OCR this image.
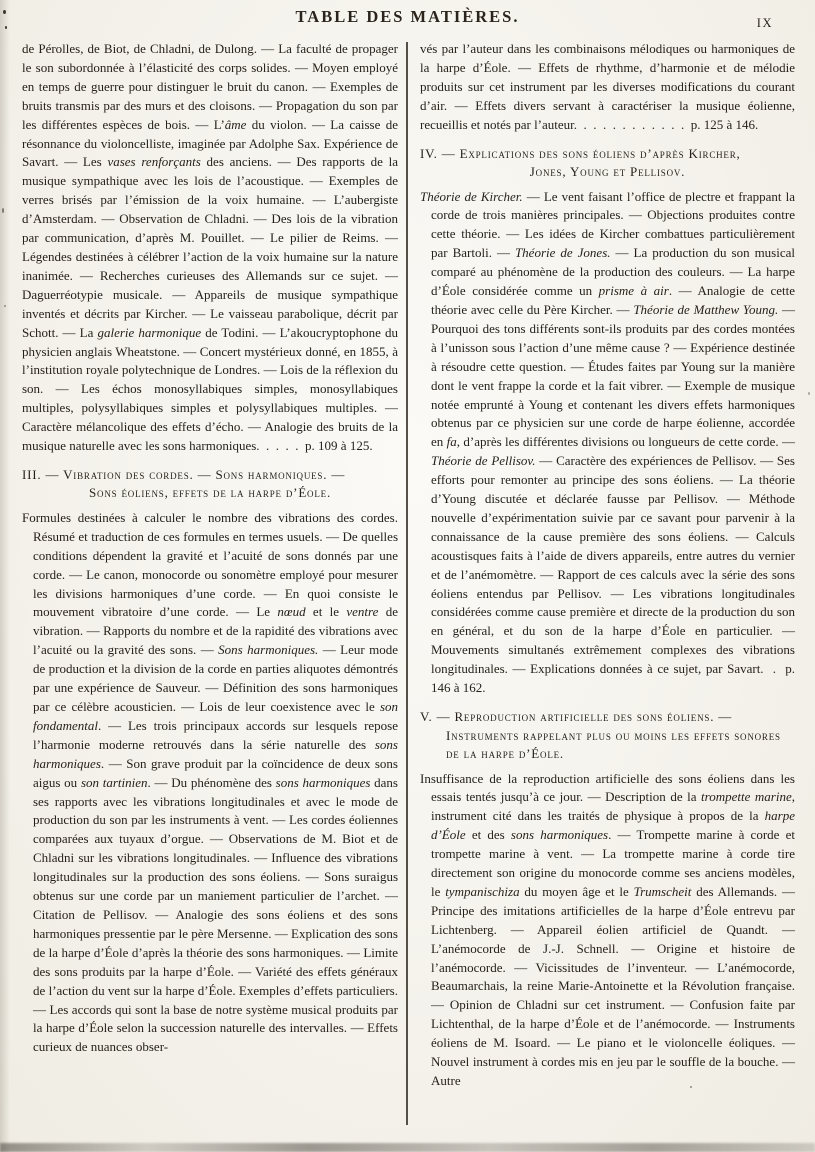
TABLE DES MATIÈRES.	IX

de Pérolles, de Biot, de Chladni, de Dulong. — La faculté de propager le son subordonnée à l’élasticité des corps solides. — Moyen employé en temps de guerre pour distinguer le bruit du canon. — Exemples de bruits transmis par des murs et des cloisons. — Propagation du son par les différentes espèces de bois. — L’âme du violon. — La caisse de résonnance du violoncelliste, imaginée par Adolphe Sax. Expérience de Savart. — Les vases renforçants des anciens. — Des rapports de la musique sympathique avec les lois de l’acoustique. — Exemples de verres brisés par l’émission de la voix humaine. — L’aubergiste d’Amsterdam. — Observation de Chladni. — Des lois de la vibration par communication, d’après M. Pouillet. — Le pilier de Reims. — Légendes destinées à célébrer l’action de la voix humaine sur la nature inanimée. — Recherches curieuses des Allemands sur ce sujet. — Daguerréotypie musicale. — Appareils de musique sympathique inventés et décrits par Kircher. — Le vaisseau parabolique, décrit par Schott. — La galerie harmonique de Todini. — L’akoucryptophone du physicien anglais Wheatstone. — Concert mystérieux donné, en 1855, à l’institution royale polytechnique de Londres. — Lois de la réflexion du son. — Les échos monosyllabiques simples, monosyllabiques multiples, polysyllabiques simples et polysyllabiques multiples. — Caractère mélancolique des effets d’écho. — Analogie des bruits de la musique naturelle avec les sons harmoniques.  .  .  .  .  p. 109 à 125.

III. — Vibration des cordes. — Sons harmoniques. —
Sons éoliens, effets de la harpe d’Éole.

Formules destinées à calculer le nombre des vibrations des cordes. Résumé et traduction de ces formules en termes usuels. — De quelles conditions dépendent la gravité et l’acuité de sons donnés par une corde. — Le canon, monocorde ou sonomètre employé pour mesurer les divisions harmoniques d’une corde. — En quoi consiste le mouvement vibratoire d’une corde. — Le nœud et le ventre de vibration. — Rapports du nombre et de la rapidité des vibrations avec l’acuité ou la gravité des sons. — Sons harmoniques. — Leur mode de production et la division de la corde en parties aliquotes démontrés par une expérience de Sauveur. — Définition des sons harmoniques par ce célèbre acousticien. — Lois de leur coexistence avec le son fondamental. — Les trois principaux accords sur lesquels repose l’harmonie moderne retrouvés dans la série naturelle des sons harmoniques. — Son grave produit par la coïncidence de deux sons aigus ou son tartinien. — Du phénomène des sons harmoniques dans ses rapports avec les vibrations longitudinales et avec le mode de production du son par les instruments à vent. — Les cordes éoliennes comparées aux tuyaux d’orgue. — Observations de M. Biot et de Chladni sur les vibrations longitudinales. — Influence des vibrations longitudinales sur la production des sons éoliens. — Sons suraigus obtenus sur une corde par un maniement particulier de l’archet. — Citation de Pellisov. — Analogie des sons éoliens et des sons harmoniques pressentie par le père Mersenne. — Explication des sons de la harpe d’Éole d’après la théorie des sons harmoniques. — Limite des sons produits par la harpe d’Éole. — Variété des effets généraux de l’action du vent sur la harpe d’Éole. Exemples d’effets particuliers. — Les accords qui sont la base de notre système musical produits par la harpe d’Éole selon la succession naturelle des intervalles. — Effets curieux de nuances obser-

vés par l’auteur dans les combinaisons mélodiques ou harmoniques de la harpe d’Éole. — Effets de rhythme, d’harmonie et de mélodie produits sur cet instrument par les diverses modifications du courant d’air. — Effets divers servant à caractériser la musique éolienne, recueillis et notés par l’auteur.  .  .  .  .  .  .  .  .  .  .  .  p. 125 à 146.

IV. — Explications des sons éoliens d’après Kircher,
Jones, Young et Pellisov.

Théorie de Kircher. — Le vent faisant l’office de plectre et frappant la corde de trois manières principales. — Objections produites contre cette théorie. — Les idées de Kircher combattues particulièrement par Bartoli. — Théorie de Jones. — La production du son musical comparé au phénomène de la production des couleurs. — La harpe d’Éole considérée comme un prisme à air. — Analogie de cette théorie avec celle du Père Kircher. — Théorie de Matthew Young. — Pourquoi des tons différents sont-ils produits par des cordes montées à l’unisson sous l’action d’une même cause ? — Expérience destinée à résoudre cette question. — Études faites par Young sur la manière dont le vent frappe la corde et la fait vibrer. — Exemple de musique notée emprunté à Young et contenant les divers effets harmoniques obtenus par ce physicien sur une corde de harpe éolienne, accordée en fa, d’après les différentes divisions ou longueurs de cette corde. — Théorie de Pellisov. — Caractère des expériences de Pellisov. — Ses efforts pour remonter au principe des sons éoliens. — La théorie d’Young discutée et déclarée fausse par Pellisov. — Méthode nouvelle d’expérimentation suivie par ce savant pour parvenir à la connaissance de la cause première des sons éoliens. — Calculs acoustisques faits à l’aide de divers appareils, entre autres du vernier et de l’anémomètre. — Rapport de ces calculs avec la série des sons éoliens entendus par Pellisov. — Les vibrations longitudinales considérées comme cause première et directe de la production du son en général, et du son de la harpe d’Éole en particulier. — Mouvements simultanés extrêmement complexes des vibrations longitudinales. — Explications données à ce sujet, par Savart.  .  p. 146 à 162.

V. — Reproduction artificielle des sons éoliens. —
Instruments rappelant plus ou moins les effets sonores
de la harpe d’Éole.

Insuffisance de la reproduction artificielle des sons éoliens dans les essais tentés jusqu’à ce jour. — Description de la trompette marine, instrument cité dans les traités de physique à propos de la harpe d’Éole et des sons harmoniques. — Trompette marine à corde et trompette marine à vent. — La trompette marine à corde tire directement son origine du monocorde comme ses anciens modèles, le tympanischiza du moyen âge et le Trumscheit des Allemands. — Principe des imitations artificielles de la harpe d’Éole entrevu par Lichtenberg. — Appareil éolien artificiel de Quandt. — L’anémocorde de J.-J. Schnell. — Origine et histoire de l’anémocorde. — Vicissitudes de l’inventeur. — L’anémocorde, Beaumarchais, la reine Marie-Antoinette et la Révolution française. — Opinion de Chladni sur cet instrument. — Confusion faite par Lichtenthal, de la harpe d’Éole et de l’anémocorde. — Instruments éoliens de M. Isoard. — Le piano et le violoncelle éoliques. — Nouvel instrument à cordes mis en jeu par le souffle de la bouche. — Autre
